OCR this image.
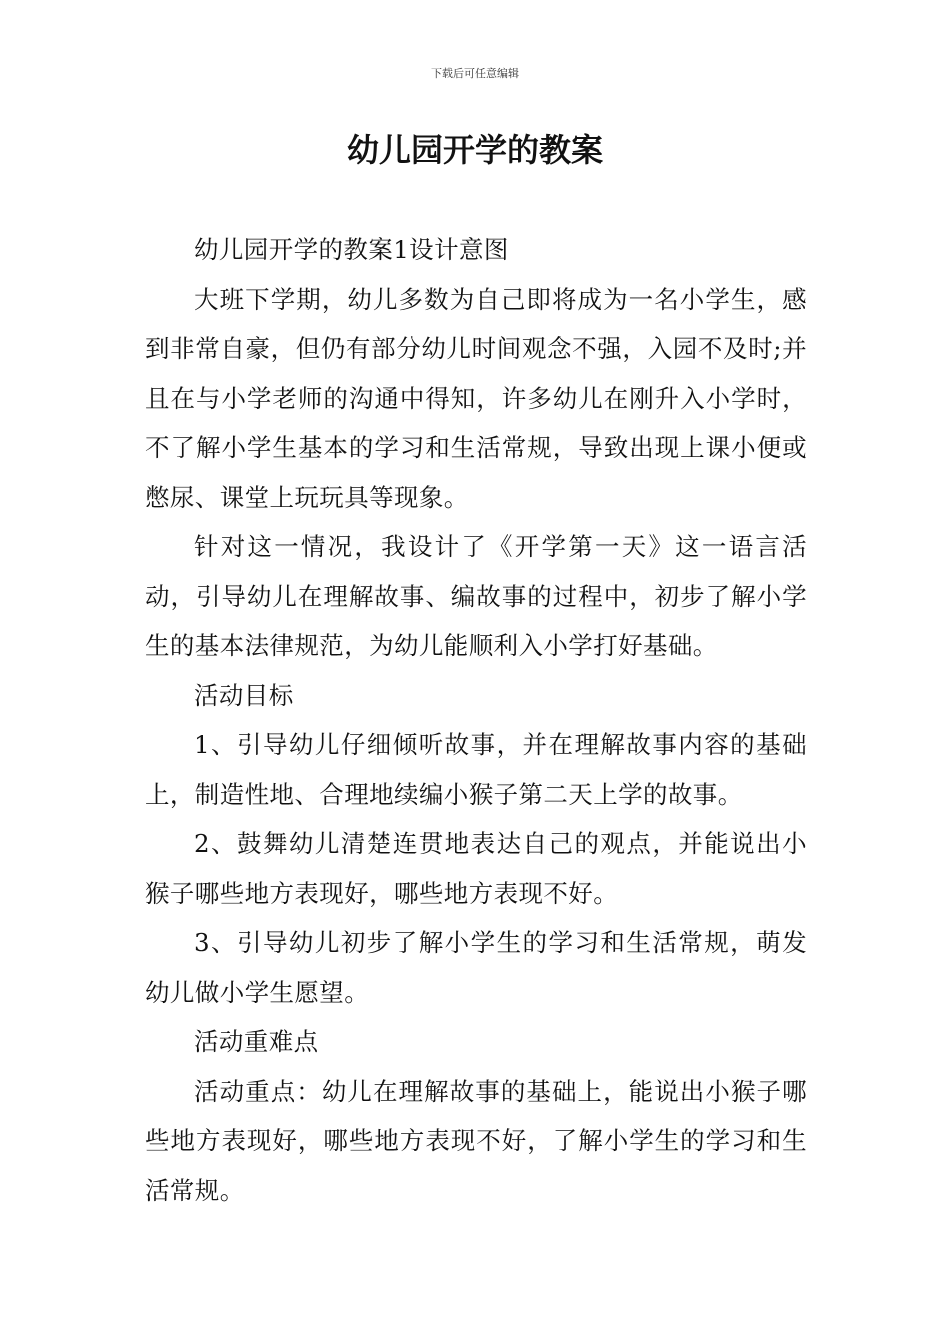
下载后可任意编辑
幼儿园开学的教案

幼儿园开学的教案1设计意图

大班下学期，幼儿多数为自己即将成为一名小学生，感到非常自豪，但仍有部分幼儿时间观念不强，入园不及时;并且在与小学老师的沟通中得知，许多幼儿在刚升入小学时，不了解小学生基本的学习和生活常规，导致出现上课小便或憋尿、课堂上玩玩具等现象。

针对这一情况，我设计了《开学第一天》这一语言活动，引导幼儿在理解故事、编故事的过程中，初步了解小学生的基本法律规范，为幼儿能顺利入小学打好基础。

活动目标

1、引导幼儿仔细倾听故事，并在理解故事内容的基础上，制造性地、合理地续编小猴子第二天上学的故事。

2、鼓舞幼儿清楚连贯地表达自己的观点，并能说出小猴子哪些地方表现好，哪些地方表现不好。

3、引导幼儿初步了解小学生的学习和生活常规，萌发幼儿做小学生愿望。

活动重难点

活动重点：幼儿在理解故事的基础上，能说出小猴子哪些地方表现好，哪些地方表现不好，了解小学生的学习和生活常规。
